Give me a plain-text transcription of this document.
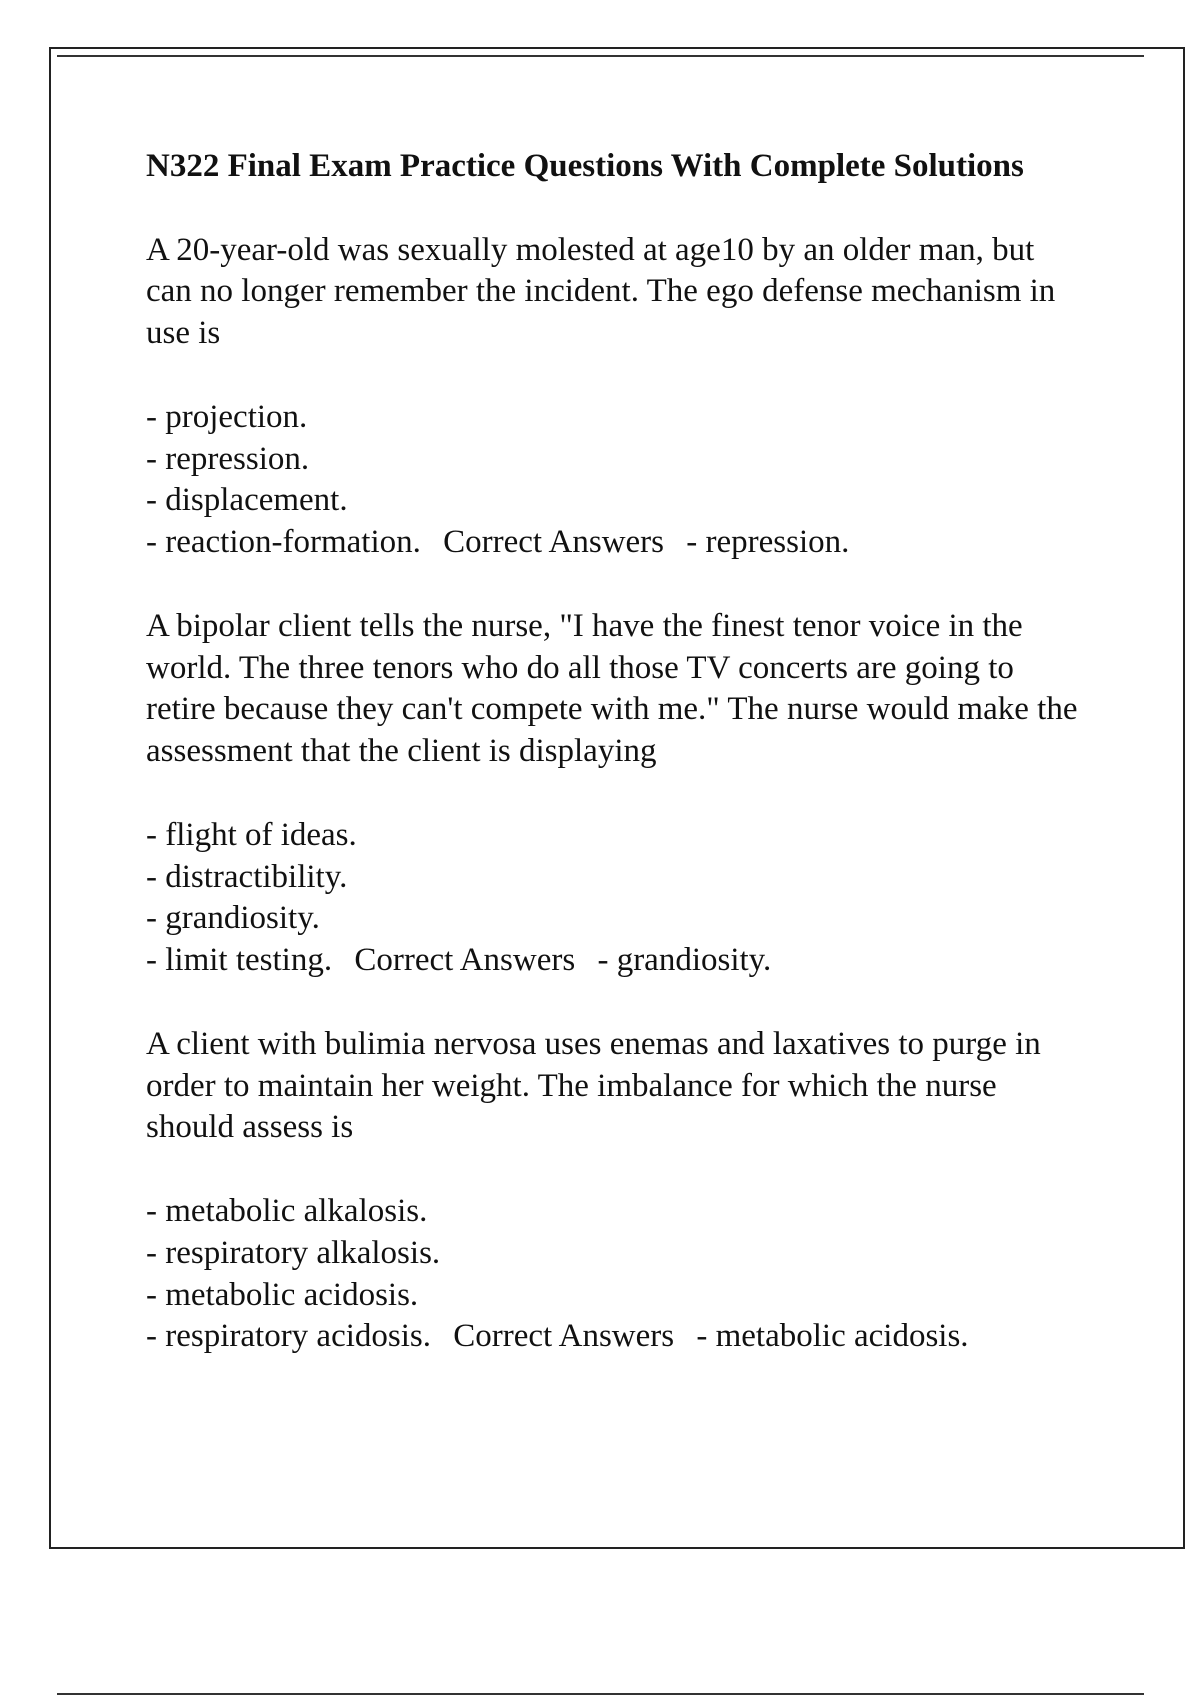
N322 Final Exam Practice Questions With Complete Solutions

A 20-year-old was sexually molested at age10 by an older man, but can no longer remember the incident. The ego defense mechanism in use is

- projection.
- repression.
- displacement.
- reaction-formation. Correct Answers - repression.

A bipolar client tells the nurse, "I have the finest tenor voice in the world. The three tenors who do all those TV concerts are going to retire because they can't compete with me." The nurse would make the assessment that the client is displaying

- flight of ideas.
- distractibility.
- grandiosity.
- limit testing. Correct Answers - grandiosity.

A client with bulimia nervosa uses enemas and laxatives to purge in order to maintain her weight. The imbalance for which the nurse should assess is

- metabolic alkalosis.
- respiratory alkalosis.
- metabolic acidosis.
- respiratory acidosis. Correct Answers - metabolic acidosis.
